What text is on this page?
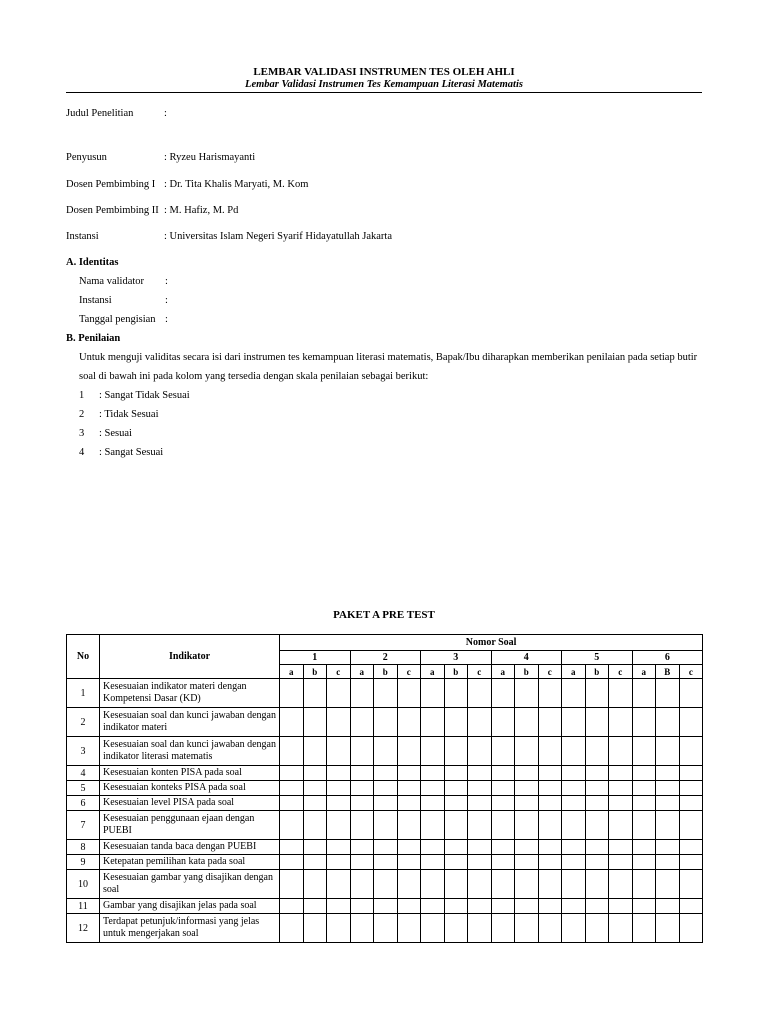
LEMBAR VALIDASI INSTRUMEN TES OLEH AHLI
Lembar Validasi Instrumen Tes Kemampuan Literasi Matematis
Judul Penelitian	:
Penyusun	: Ryzeu Harismayanti
Dosen Pembimbing I : Dr. Tita Khalis Maryati, M. Kom
Dosen Pembimbing II : M. Hafiz, M. Pd
Instansi	: Universitas Islam Negeri Syarif Hidayatullah Jakarta
A. Identitas
Nama validator :
Instansi	:
Tanggal pengisian :
B. Penilaian
Untuk menguji validitas secara isi dari instrumen tes kemampuan literasi matematis, Bapak/Ibu diharapkan memberikan penilaian pada setiap butir soal di bawah ini pada kolom yang tersedia dengan skala penilaian sebagai berikut:
1 : Sangat Tidak Sesuai
2 : Tidak Sesuai
3 : Sesuai
4 : Sangat Sesuai
PAKET A PRE TEST
No	Indikator	Nomor Soal																	
		1			2			3			4			5			6		
		a	b	c	a	b	c	a	b	c	a	b	c	a	b	c	a	B	c
1	Kesesuaian indikator materi dengan Kompetensi Dasar (KD)																		
2	Kesesuaian soal dan kunci jawaban dengan indikator materi																		
3	Kesesuaian soal dan kunci jawaban dengan indikator literasi matematis																		
4	Kesesuaian konten PISA pada soal																		
5	Kesesuaian konteks PISA pada soal																		
6	Kesesuaian level PISA pada soal																		
7	Kesesuaian penggunaan ejaan dengan PUEBI																		
8	Kesesuaian tanda baca dengan PUEBI																		
9	Ketepatan pemilihan kata pada soal																		
10	Kesesuaian gambar yang disajikan dengan soal																		
11	Gambar yang disajikan jelas pada soal																		
12	Terdapat petunjuk/informasi yang jelas untuk mengerjakan soal																		
